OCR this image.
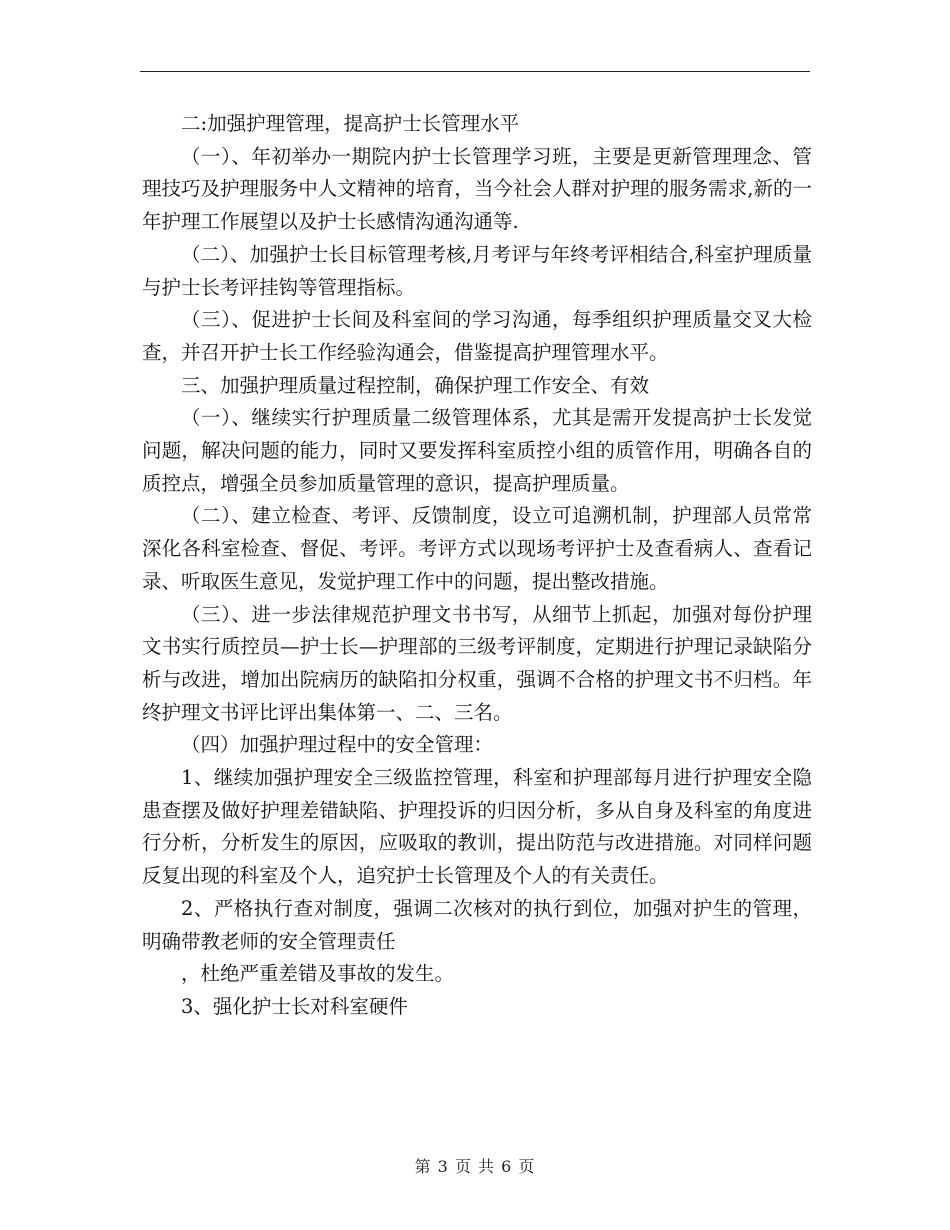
二:加强护理管理，提高护士长管理水平

（一）、年初举办一期院内护士长管理学习班，主要是更新管理理念、管理技巧及护理服务中人文精神的培育，当今社会人群对护理的服务需求,新的一年护理工作展望以及护士长感情沟通沟通等.

（二）、加强护士长目标管理考核,月考评与年终考评相结合,科室护理质量与护士长考评挂钩等管理指标。

（三）、促进护士长间及科室间的学习沟通，每季组织护理质量交叉大检查，并召开护士长工作经验沟通会，借鉴提高护理管理水平。

三、加强护理质量过程控制，确保护理工作安全、有效

（一）、继续实行护理质量二级管理体系，尤其是需开发提高护士长发觉问题，解决问题的能力，同时又要发挥科室质控小组的质管作用，明确各自的质控点，增强全员参加质量管理的意识，提高护理质量。

（二）、建立检查、考评、反馈制度，设立可追溯机制，护理部人员常常深化各科室检查、督促、考评。考评方式以现场考评护士及查看病人、查看记录、听取医生意见，发觉护理工作中的问题，提出整改措施。

（三）、进一步法律规范护理文书书写，从细节上抓起，加强对每份护理文书实行质控员—护士长—护理部的三级考评制度，定期进行护理记录缺陷分析与改进，增加出院病历的缺陷扣分权重，强调不合格的护理文书不归档。年终护理文书评比评出集体第一、二、三名。

（四）加强护理过程中的安全管理：

1、继续加强护理安全三级监控管理，科室和护理部每月进行护理安全隐患查摆及做好护理差错缺陷、护理投诉的归因分析，多从自身及科室的角度进行分析，分析发生的原因，应吸取的教训，提出防范与改进措施。对同样问题反复出现的科室及个人，追究护士长管理及个人的有关责任。

2、严格执行查对制度，强调二次核对的执行到位，加强对护生的管理，明确带教老师的安全管理责任

，杜绝严重差错及事故的发生。

3、强化护士长对科室硬件

第 3 页 共 6 页
